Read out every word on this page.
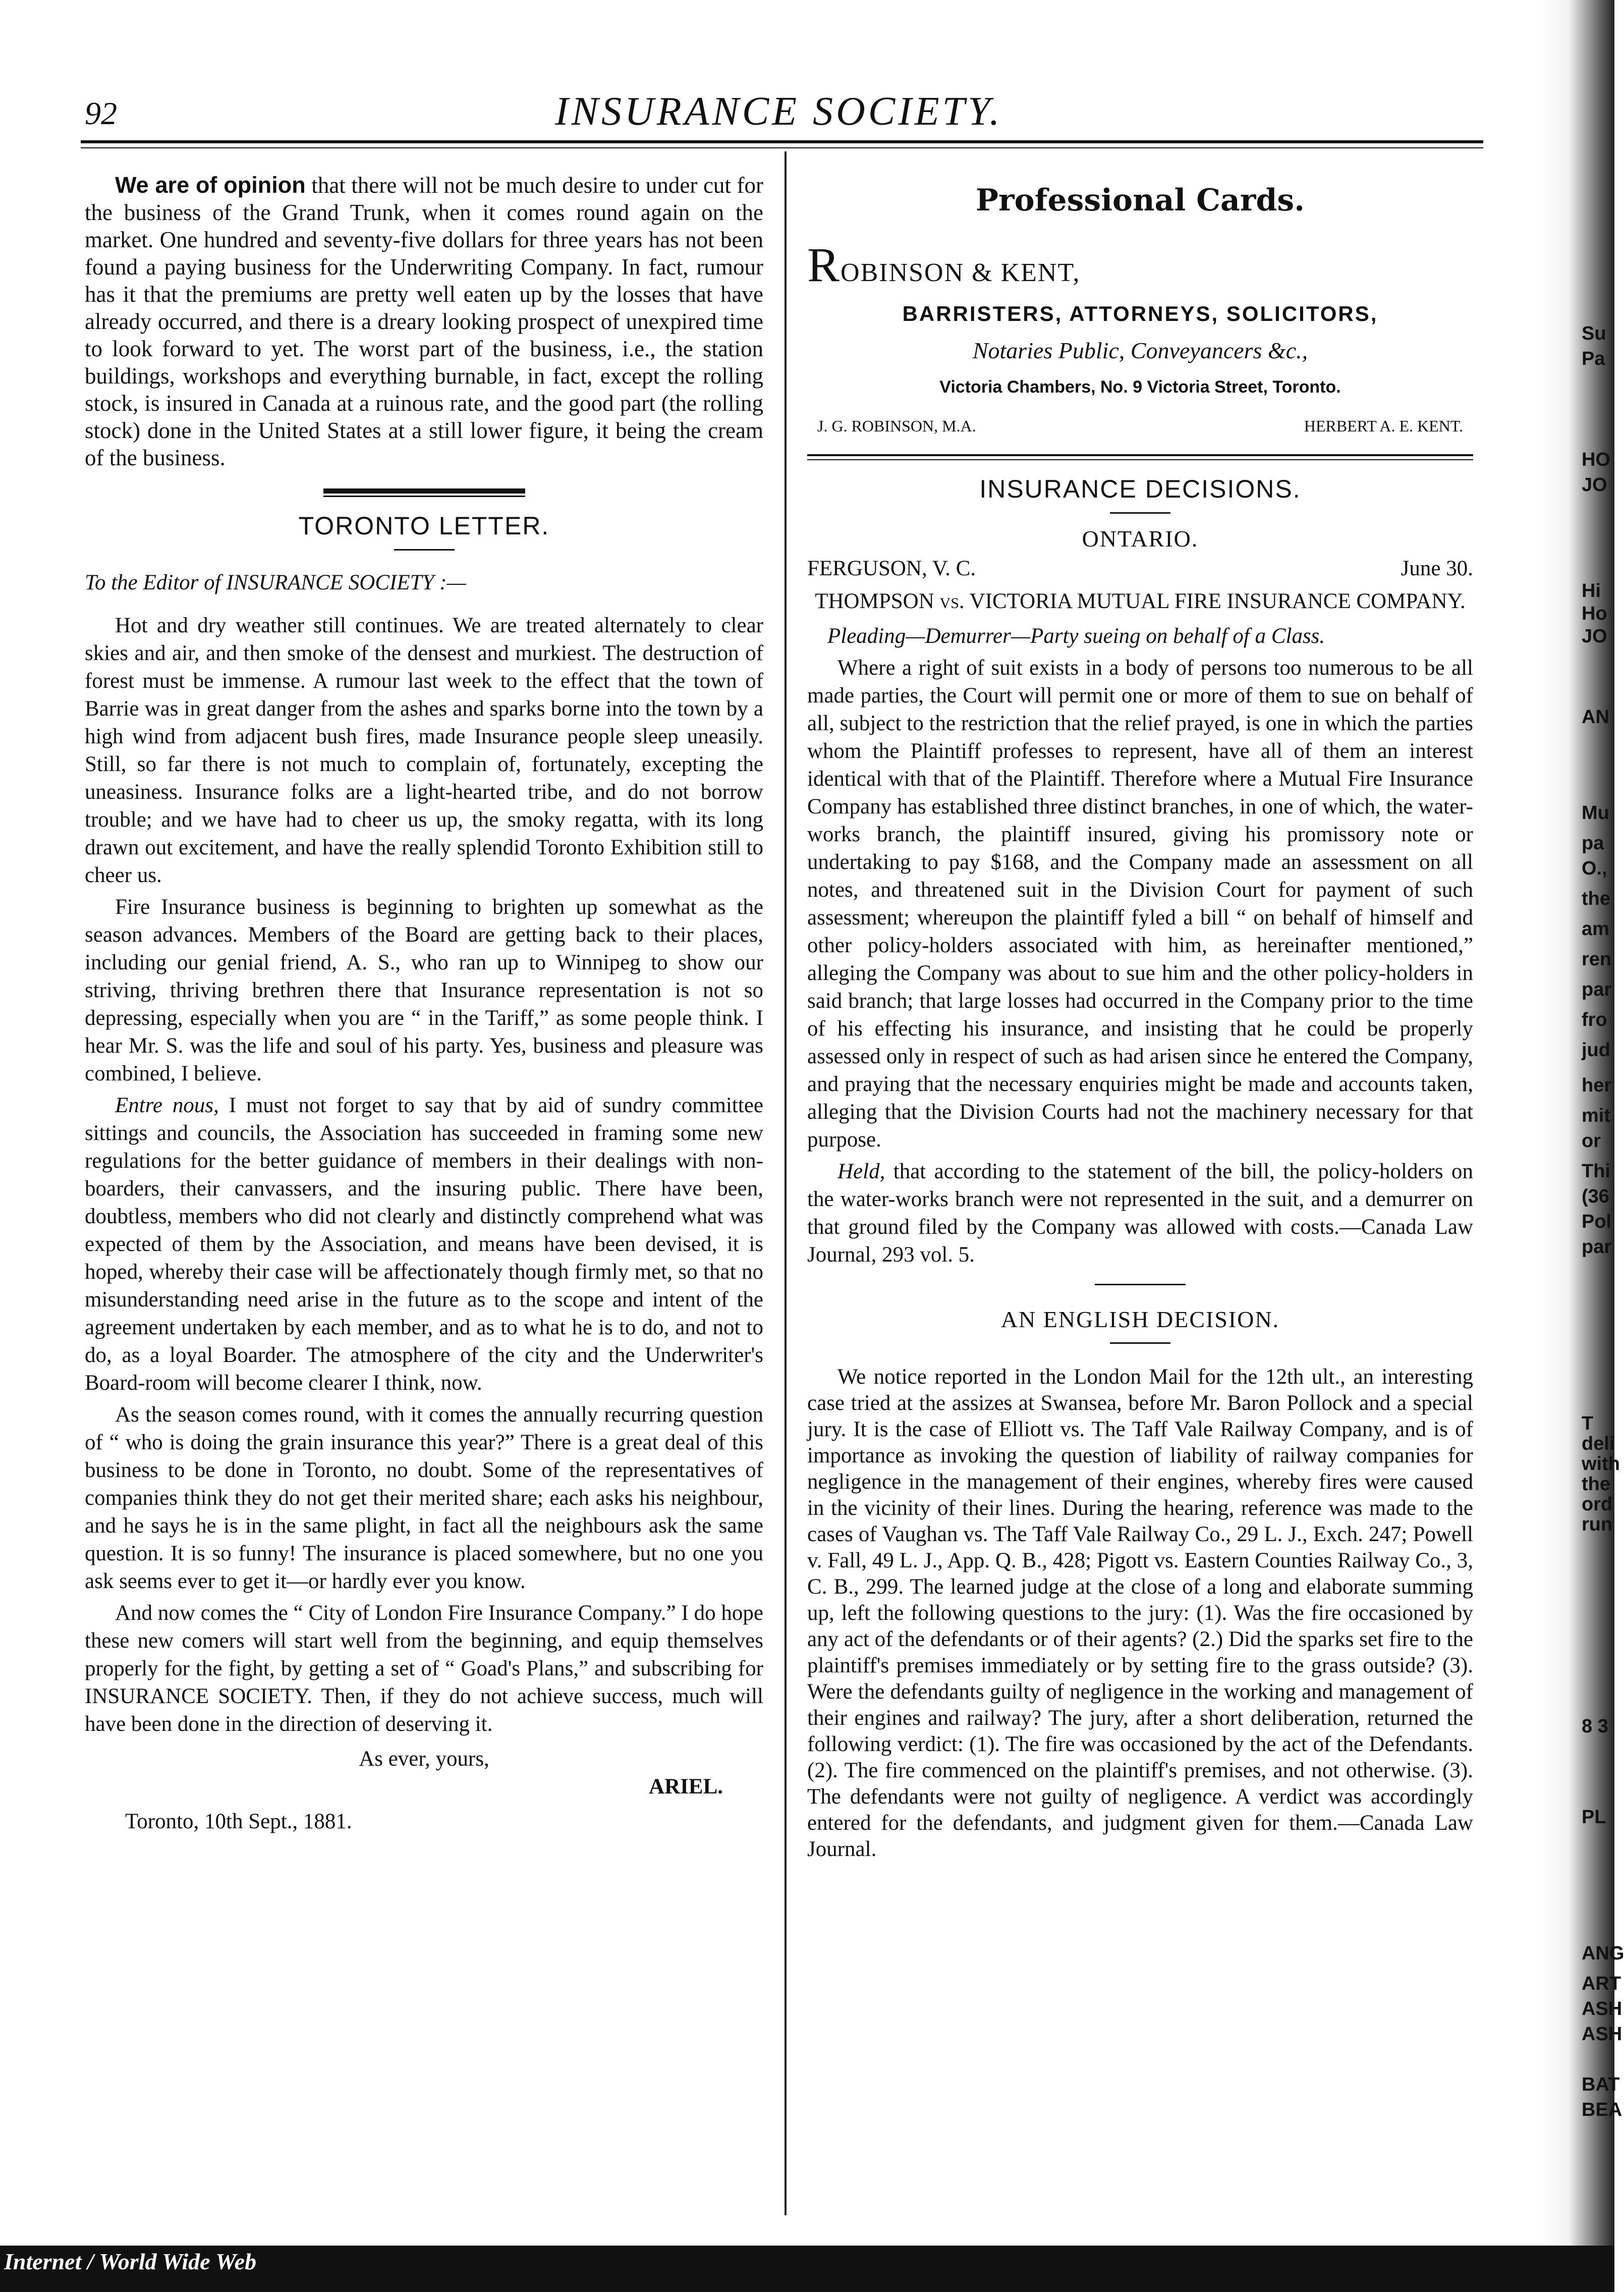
92	INSURANCE SOCIETY.

We are of opinion that there will not be much desire to under cut for the business of the Grand Trunk, when it comes round again on the market. One hundred and seventy-five dollars for three years has not been found a paying business for the Underwriting Company. In fact, rumour has it that the premiums are pretty well eaten up by the losses that have already occurred, and there is a dreary looking prospect of unexpired time to look forward to yet. The worst part of the business, i.e., the station buildings, workshops and everything burnable, in fact, except the rolling stock, is insured in Canada at a ruinous rate, and the good part (the rolling stock) done in the United States at a still lower figure, it being the cream of the business.

TORONTO LETTER.

To the Editor of INSURANCE SOCIETY :—

Hot and dry weather still continues. We are treated alternately to clear skies and air, and then smoke of the densest and murkiest. The destruction of forest must be immense. A rumour last week to the effect that the town of Barrie was in great danger from the ashes and sparks borne into the town by a high wind from adjacent bush fires, made Insurance people sleep uneasily. Still, so far there is not much to complain of, fortunately, excepting the uneasiness. Insurance folks are a light-hearted tribe, and do not borrow trouble; and we have had to cheer us up, the smoky regatta, with its long drawn out excitement, and have the really splendid Toronto Exhibition still to cheer us.

Fire Insurance business is beginning to brighten up somewhat as the season advances. Members of the Board are getting back to their places, including our genial friend, A. S., who ran up to Winnipeg to show our striving, thriving brethren there that Insurance representation is not so depressing, especially when you are “ in the Tariff,” as some people think. I hear Mr. S. was the life and soul of his party. Yes, business and pleasure was combined, I believe.

Entre nous, I must not forget to say that by aid of sundry committee sittings and councils, the Association has succeeded in framing some new regulations for the better guidance of members in their dealings with non-boarders, their canvassers, and the insuring public. There have been, doubtless, members who did not clearly and distinctly comprehend what was expected of them by the Association, and means have been devised, it is hoped, whereby their case will be affectionately though firmly met, so that no misunderstanding need arise in the future as to the scope and intent of the agreement undertaken by each member, and as to what he is to do, and not to do, as a loyal Boarder. The atmosphere of the city and the Underwriter's Board-room will become clearer I think, now.

As the season comes round, with it comes the annually recurring question of “ who is doing the grain insurance this year?” There is a great deal of this business to be done in Toronto, no doubt. Some of the representatives of companies think they do not get their merited share; each asks his neighbour, and he says he is in the same plight, in fact all the neighbours ask the same question. It is so funny! The insurance is placed somewhere, but no one you ask seems ever to get it—or hardly ever you know.

And now comes the “ City of London Fire Insurance Company.” I do hope these new comers will start well from the beginning, and equip themselves properly for the fight, by getting a set of “ Goad's Plans,” and subscribing for INSURANCE SOCIETY. Then, if they do not achieve success, much will have been done in the direction of deserving it.

As ever, yours,
ARIEL.
Toronto, 10th Sept., 1881.
Professional Cards.
ROBINSON & KENT,
BARRISTERS, ATTORNEYS, SOLICITORS,
Notaries Public, Conveyancers &c.,
Victoria Chambers, No. 9 Victoria Street, Toronto.
J. G. ROBINSON, M.A.	HERBERT A. E. KENT.
INSURANCE DECISIONS.
ONTARIO.
FERGUSON, V. C.	June 30.
THOMPSON vs. VICTORIA MUTUAL FIRE INSURANCE COMPANY.

Pleading—Demurrer—Party sueing on behalf of a Class.

Where a right of suit exists in a body of persons too numerous to be all made parties, the Court will permit one or more of them to sue on behalf of all, subject to the restriction that the relief prayed, is one in which the parties whom the Plaintiff professes to represent, have all of them an interest identical with that of the Plaintiff. Therefore where a Mutual Fire Insurance Company has established three distinct branches, in one of which, the water-works branch, the plaintiff insured, giving his promissory note or undertaking to pay $168, and the Company made an assessment on all notes, and threatened suit in the Division Court for payment of such assessment; whereupon the plaintiff fyled a bill “ on behalf of himself and other policy-holders associated with him, as hereinafter mentioned,” alleging the Company was about to sue him and the other policy-holders in said branch; that large losses had occurred in the Company prior to the time of his effecting his insurance, and insisting that he could be properly assessed only in respect of such as had arisen since he entered the Company, and praying that the necessary enquiries might be made and accounts taken, alleging that the Division Courts had not the machinery necessary for that purpose.

Held, that according to the statement of the bill, the policy-holders on the water-works branch were not represented in the suit, and a demurrer on that ground filed by the Company was allowed with costs.—Canada Law Journal, 293 vol. 5.

AN ENGLISH DECISION.

We notice reported in the London Mail for the 12th ult., an interesting case tried at the assizes at Swansea, before Mr. Baron Pollock and a special jury. It is the case of Elliott vs. The Taff Vale Railway Company, and is of importance as invoking the question of liability of railway companies for negligence in the management of their engines, whereby fires were caused in the vicinity of their lines. During the hearing, reference was made to the cases of Vaughan vs. The Taff Vale Railway Co., 29 L. J., Exch. 247; Powell v. Fall, 49 L. J., App. Q. B., 428; Pigott vs. Eastern Counties Railway Co., 3, C. B., 299. The learned judge at the close of a long and elaborate summing up, left the following questions to the jury: (1). Was the fire occasioned by any act of the defendants or of their agents? (2.) Did the sparks set fire to the plaintiff's premises immediately or by setting fire to the grass outside? (3). Were the defendants guilty of negligence in the working and management of their engines and railway? The jury, after a short deliberation, returned the following verdict: (1). The fire was occasioned by the act of the Defendants. (2). The fire commenced on the plaintiff's premises, and not otherwise. (3). The defendants were not guilty of negligence. A verdict was accordingly entered for the defendants, and judgment given for them.—Canada Law Journal.

Su
Pa
HO
JO
Hi
Ho
JO
AN
Mu
pa
O.,
the
am
ren
par
fro
jud
her
mit
or
Thi
(36
Pol
par
T
deli
with
the
ord
run
8 3
PL
ANG
ART
ASH
ASH
BAT
BEA
Internet / World Wide Web
